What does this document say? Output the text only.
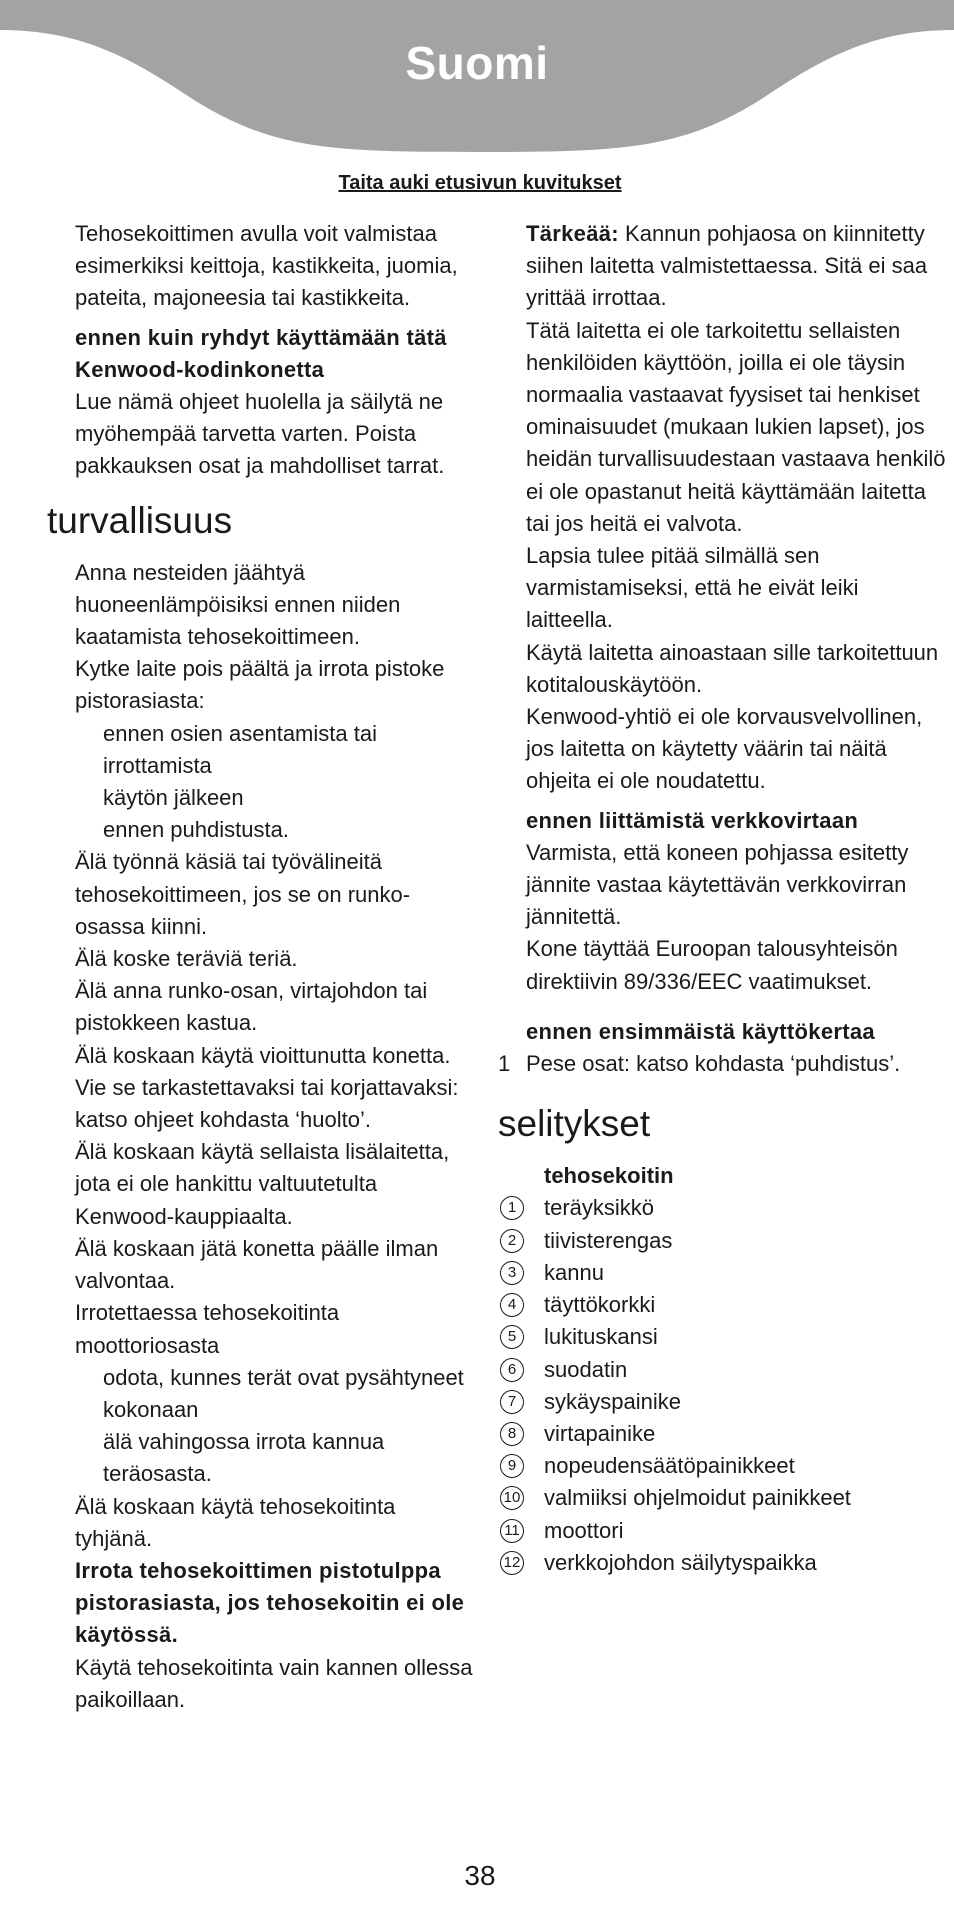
Suomi
Taita auki etusivun kuvitukset

Tehosekoittimen avulla voit valmistaa esimerkiksi keittoja, kastikkeita, juomia, pateita, majoneesia tai kastikkeita.

ennen kuin ryhdyt käyttämään tätä Kenwood-kodinkonetta

Lue nämä ohjeet huolella ja säilytä ne myöhempää tarvetta varten. Poista pakkauksen osat ja mahdolliset tarrat.

turvallisuus

Anna nesteiden jäähtyä huoneenlämpöisiksi ennen niiden kaatamista tehosekoittimeen.

Kytke laite pois päältä ja irrota pistoke pistorasiasta:

ennen osien asentamista tai irrottamista

käytön jälkeen

ennen puhdistusta.

Älä työnnä käsiä tai työvälineitä tehosekoittimeen, jos se on runko-osassa kiinni.

Älä koske teräviä teriä.

Älä anna runko-osan, virtajohdon tai pistokkeen kastua.

Älä koskaan käytä vioittunutta konetta. Vie se tarkastettavaksi tai korjattavaksi: katso ohjeet kohdasta ‘huolto’.

Älä koskaan käytä sellaista lisälaitetta, jota ei ole hankittu valtuutetulta Kenwood-kauppiaalta.

Älä koskaan jätä konetta päälle ilman valvontaa.

Irrotettaessa tehosekoitinta moottoriosasta

odota, kunnes terät ovat pysähtyneet kokonaan

älä vahingossa irrota kannua teräosasta.

Älä koskaan käytä tehosekoitinta tyhjänä.

Irrota tehosekoittimen pistotulppa pistorasiasta, jos tehosekoitin ei ole käytössä.

Käytä tehosekoitinta vain kannen ollessa paikoillaan.

Tärkeää: Kannun pohjaosa on kiinnitetty siihen laitetta valmistettaessa. Sitä ei saa yrittää irrottaa.

Tätä laitetta ei ole tarkoitettu sellaisten henkilöiden käyttöön, joilla ei ole täysin normaalia vastaavat fyysiset tai henkiset ominaisuudet (mukaan lukien lapset), jos heidän turvallisuudestaan vastaava henkilö ei ole opastanut heitä käyttämään laitetta tai jos heitä ei valvota.

Lapsia tulee pitää silmällä sen varmistamiseksi, että he eivät leiki laitteella.

Käytä laitetta ainoastaan sille tarkoitettuun kotitalouskäytöön.

Kenwood-yhtiö ei ole korvausvelvollinen, jos laitetta on käytetty väärin tai näitä ohjeita ei ole noudatettu.

ennen liittämistä verkkovirtaan

Varmista, että koneen pohjassa esitetty jännite vastaa käytettävän verkkovirran jännitettä.

Kone täyttää Euroopan talousyhteisön direktiivin 89/336/EEC vaatimukset.

ennen ensimmäistä käyttökertaa

1 Pese osat: katso kohdasta ‘puhdistus’.
selitykset

tehosekoitin

1	teräyksikkö
2	tiivisterengas
3	kannu
4	täyttökorkki
5	lukituskansi
6	suodatin
7	sykäyspainike
8	virtapainike
9	nopeudensäätöpainikkeet
10 valmiiksi ohjelmoidut painikkeet
11 moottori
12 verkkojohdon säilytyspaikka
38
